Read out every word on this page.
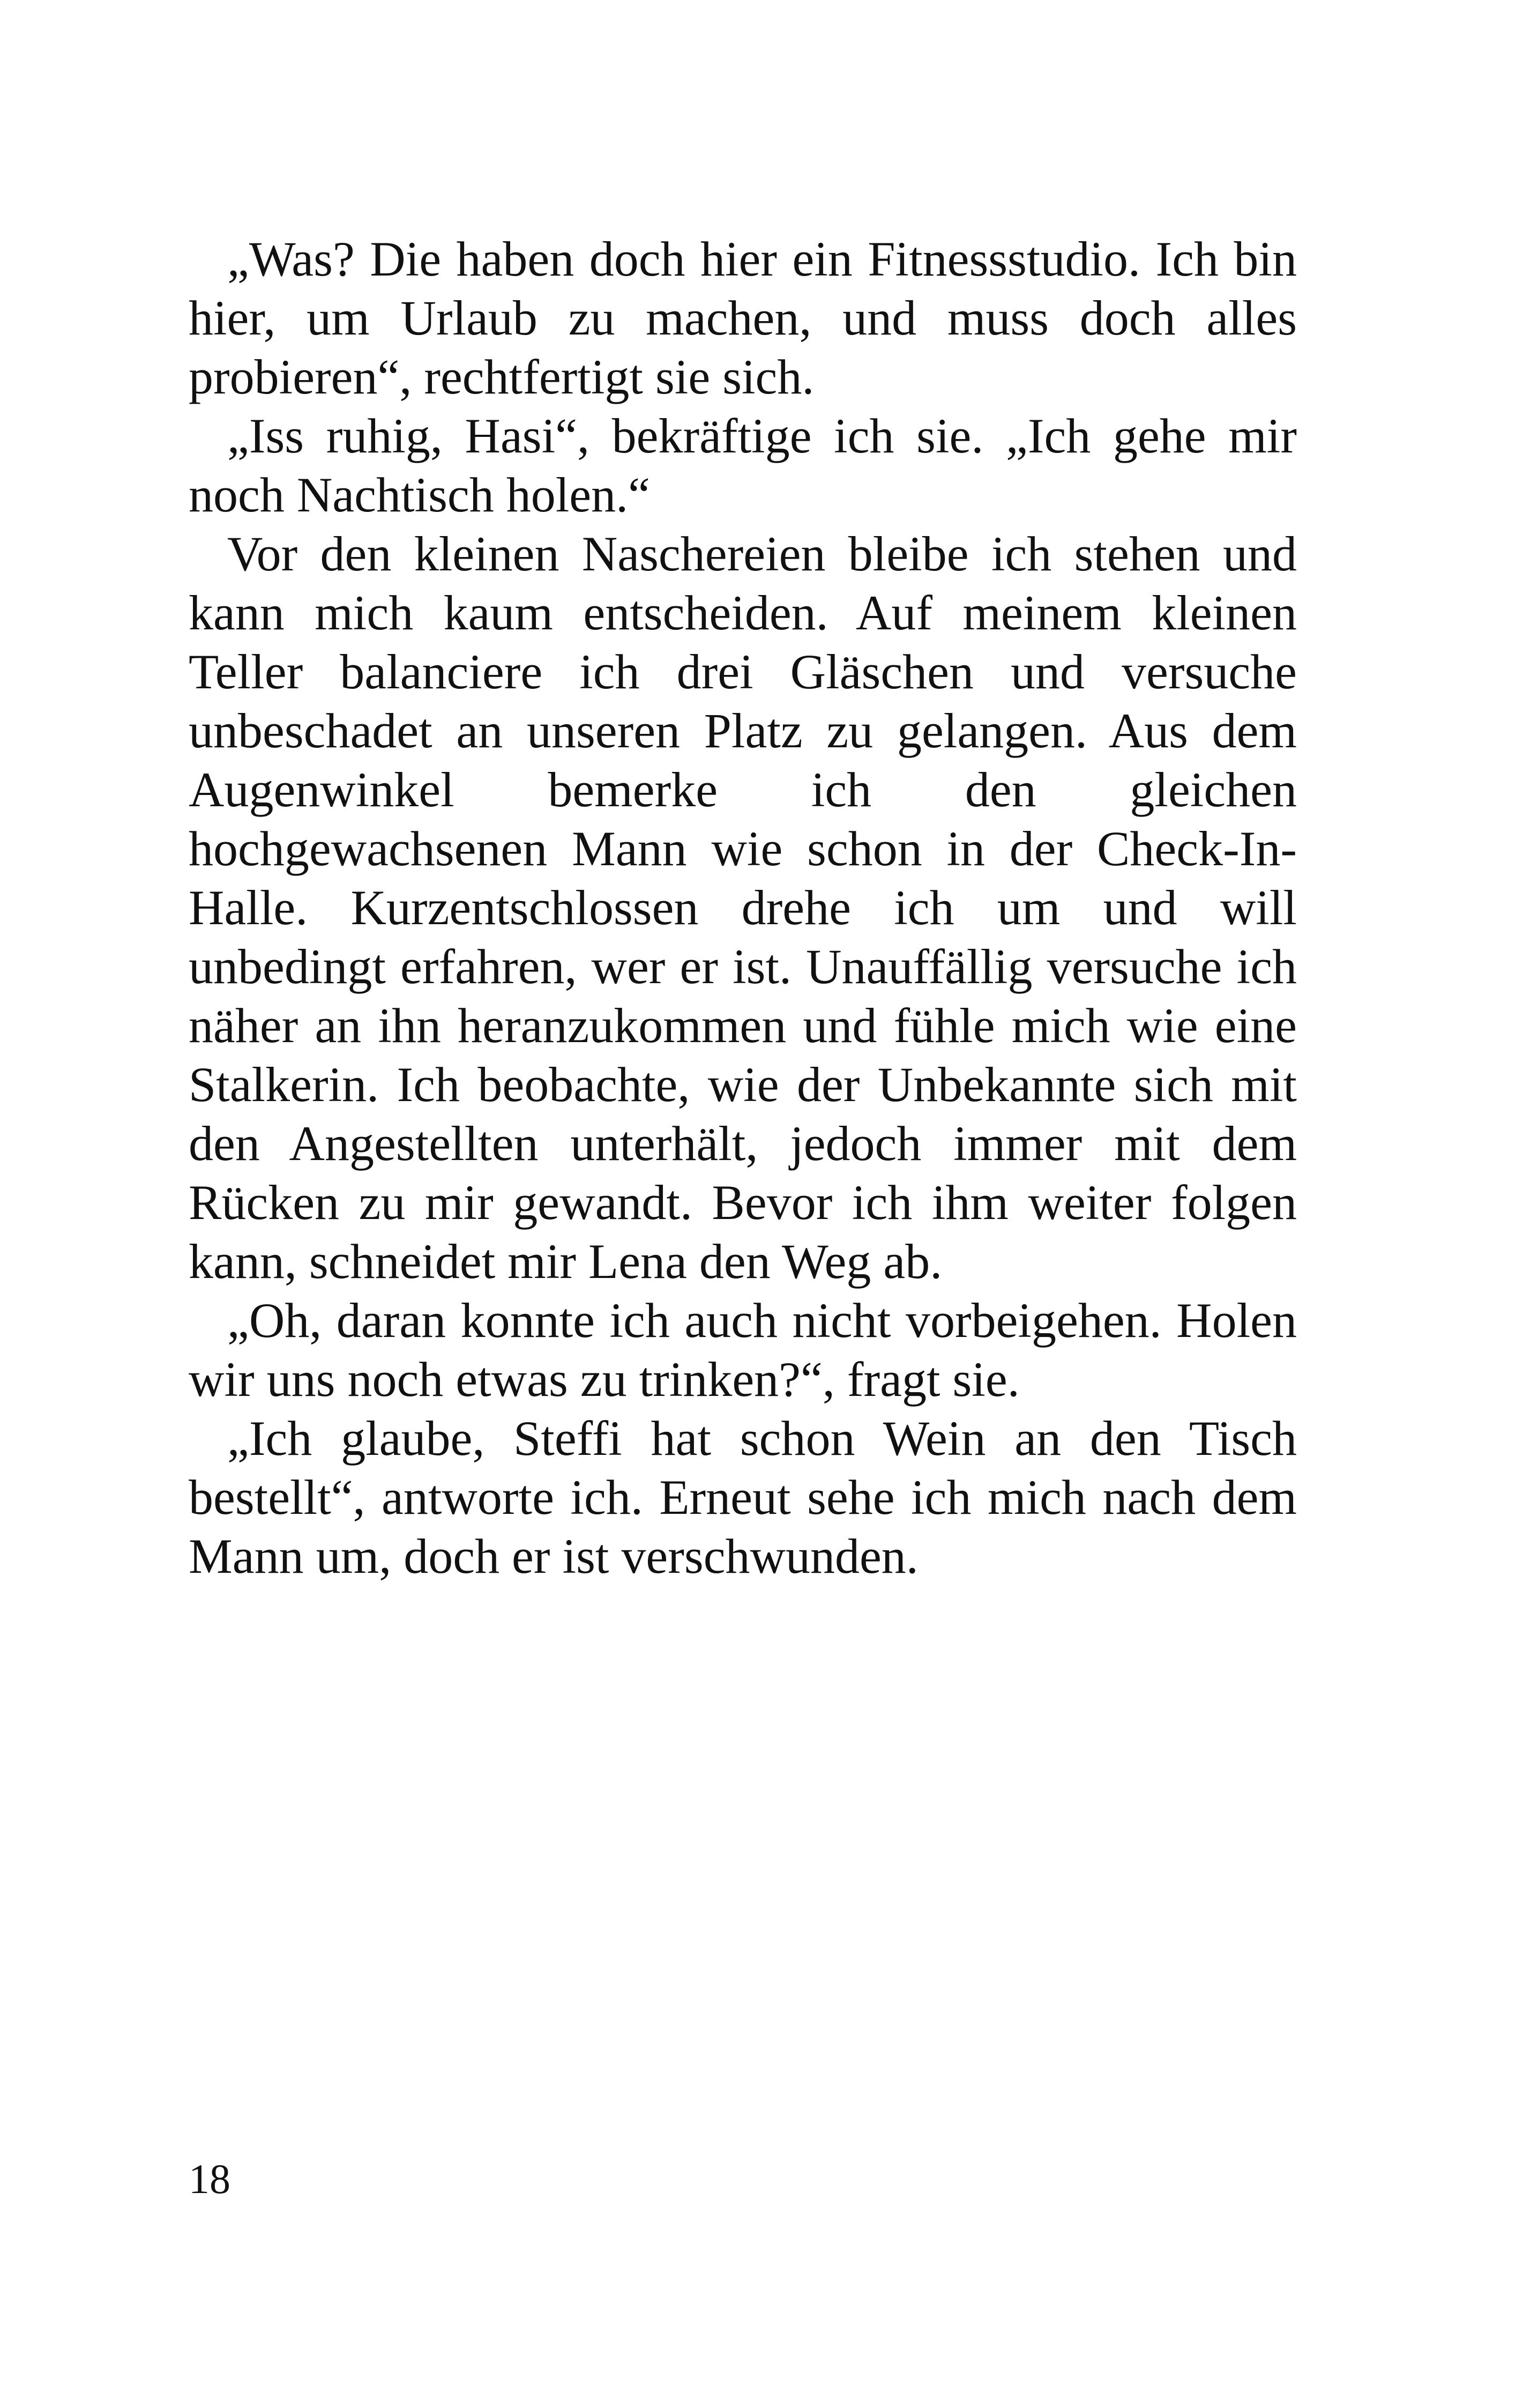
„Was? Die haben doch hier ein Fitnessstudio. Ich bin hier, um Urlaub zu machen, und muss doch alles probieren“, rechtfertigt sie sich.

„Iss ruhig, Hasi“, bekräftige ich sie. „Ich gehe mir noch Nachtisch holen.“

Vor den kleinen Naschereien bleibe ich stehen und kann mich kaum entscheiden. Auf meinem kleinen Teller balanciere ich drei Gläschen und versuche unbeschadet an unseren Platz zu gelangen. Aus dem Augenwinkel bemerke ich den gleichen hochgewachsenen Mann wie schon in der Check-In-Halle. Kurzentschlossen drehe ich um und will unbedingt erfahren, wer er ist. Unauffällig versuche ich näher an ihn heranzukommen und fühle mich wie eine Stalkerin. Ich beobachte, wie der Unbekannte sich mit den Angestellten unterhält, jedoch immer mit dem Rücken zu mir gewandt. Bevor ich ihm weiter folgen kann, schneidet mir Lena den Weg ab.

„Oh, daran konnte ich auch nicht vorbeigehen. Holen wir uns noch etwas zu trinken?“, fragt sie.

„Ich glaube, Steffi hat schon Wein an den Tisch bestellt“, antworte ich. Erneut sehe ich mich nach dem Mann um, doch er ist verschwunden.

18
